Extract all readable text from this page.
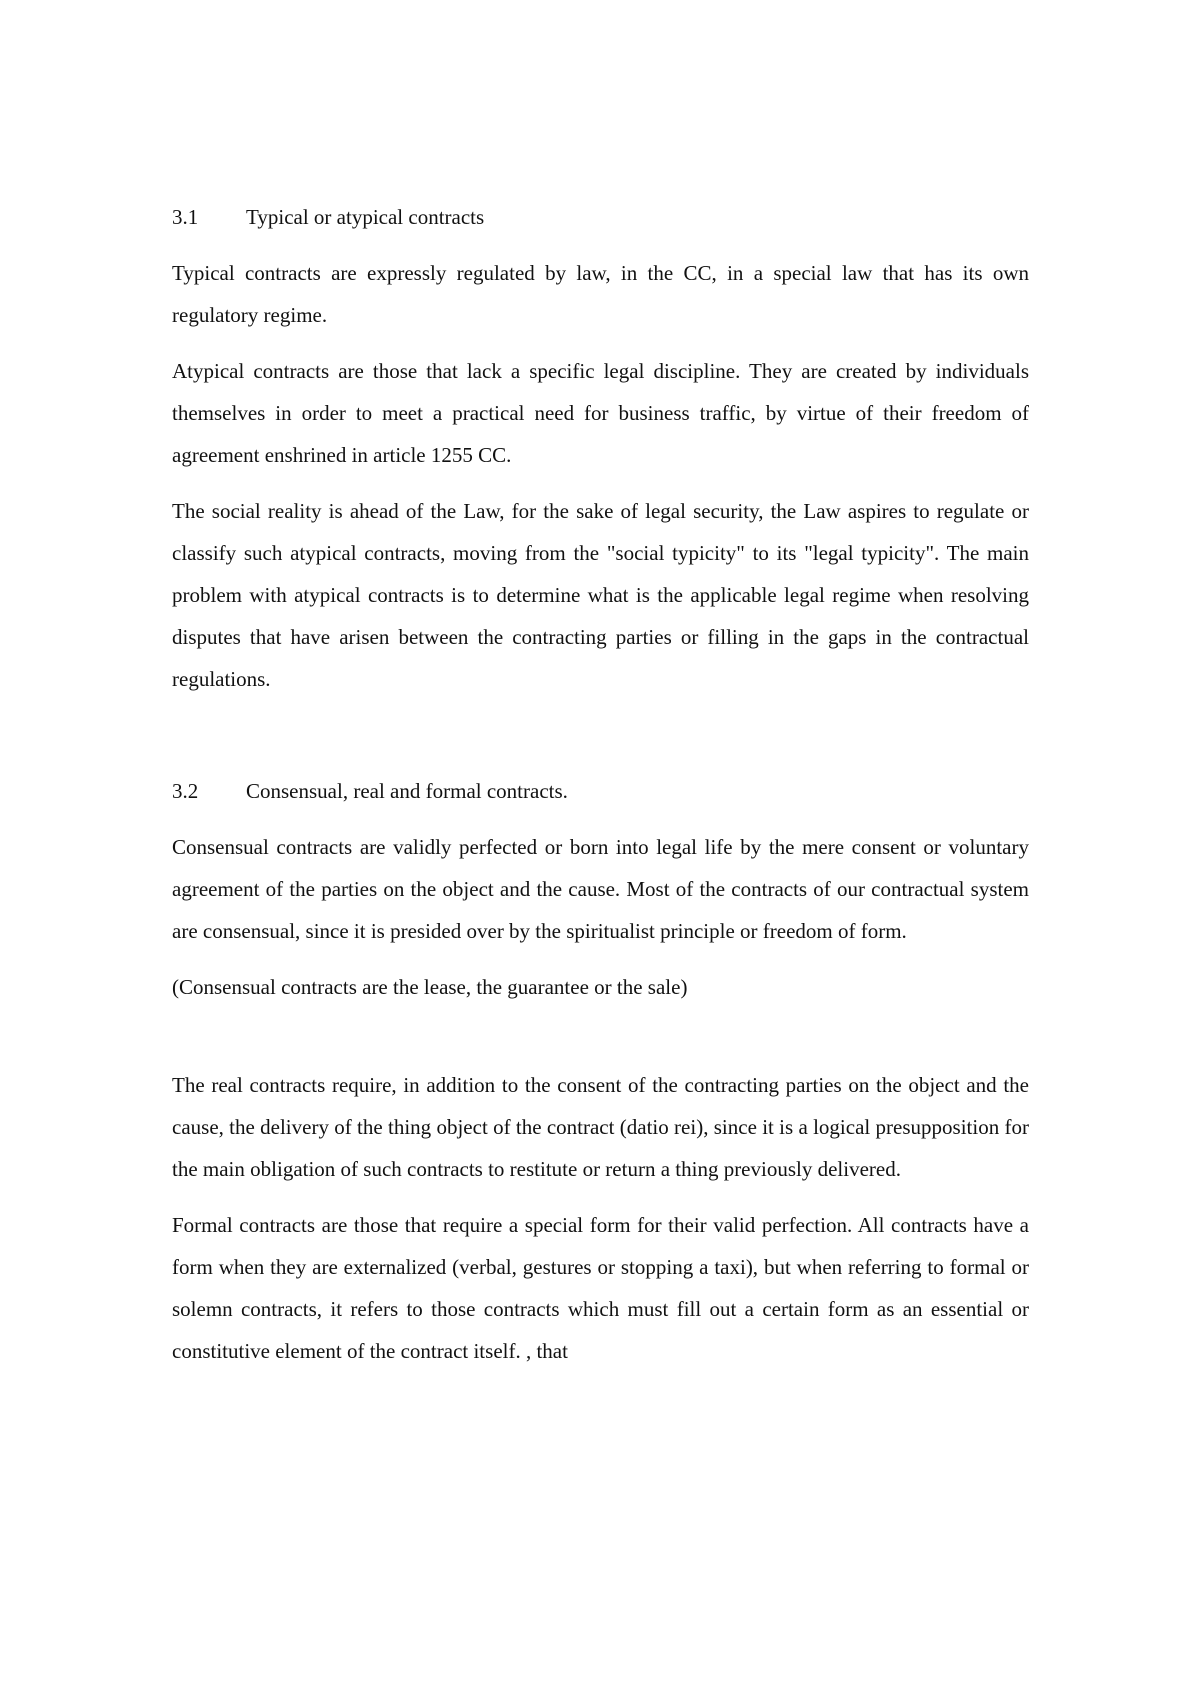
3.1	Typical or atypical contracts

Typical contracts are expressly regulated by law, in the CC, in a special law that has its own regulatory regime.

Atypical contracts are those that lack a specific legal discipline. They are created by individuals themselves in order to meet a practical need for business traffic, by virtue of their freedom of agreement enshrined in article 1255 CC.

The social reality is ahead of the Law, for the sake of legal security, the Law aspires to regulate or classify such atypical contracts, moving from the "social typicity" to its "legal typicity". The main problem with atypical contracts is to determine what is the applicable legal regime when resolving disputes that have arisen between the contracting parties or filling in the gaps in the contractual regulations.

3.2	Consensual, real and formal contracts.

Consensual contracts are validly perfected or born into legal life by the mere consent or voluntary agreement of the parties on the object and the cause. Most of the contracts of our contractual system are consensual, since it is presided over by the spiritualist principle or freedom of form.

(Consensual contracts are the lease, the guarantee or the sale)

The real contracts require, in addition to the consent of the contracting parties on the object and the cause, the delivery of the thing object of the contract (datio rei), since it is a logical presupposition for the main obligation of such contracts to restitute or return a thing previously delivered.

Formal contracts are those that require a special form for their valid perfection. All contracts have a form when they are externalized (verbal, gestures or stopping a taxi), but when referring to formal or solemn contracts, it refers to those contracts which must fill out a certain form as an essential or constitutive element of the contract itself. , that
